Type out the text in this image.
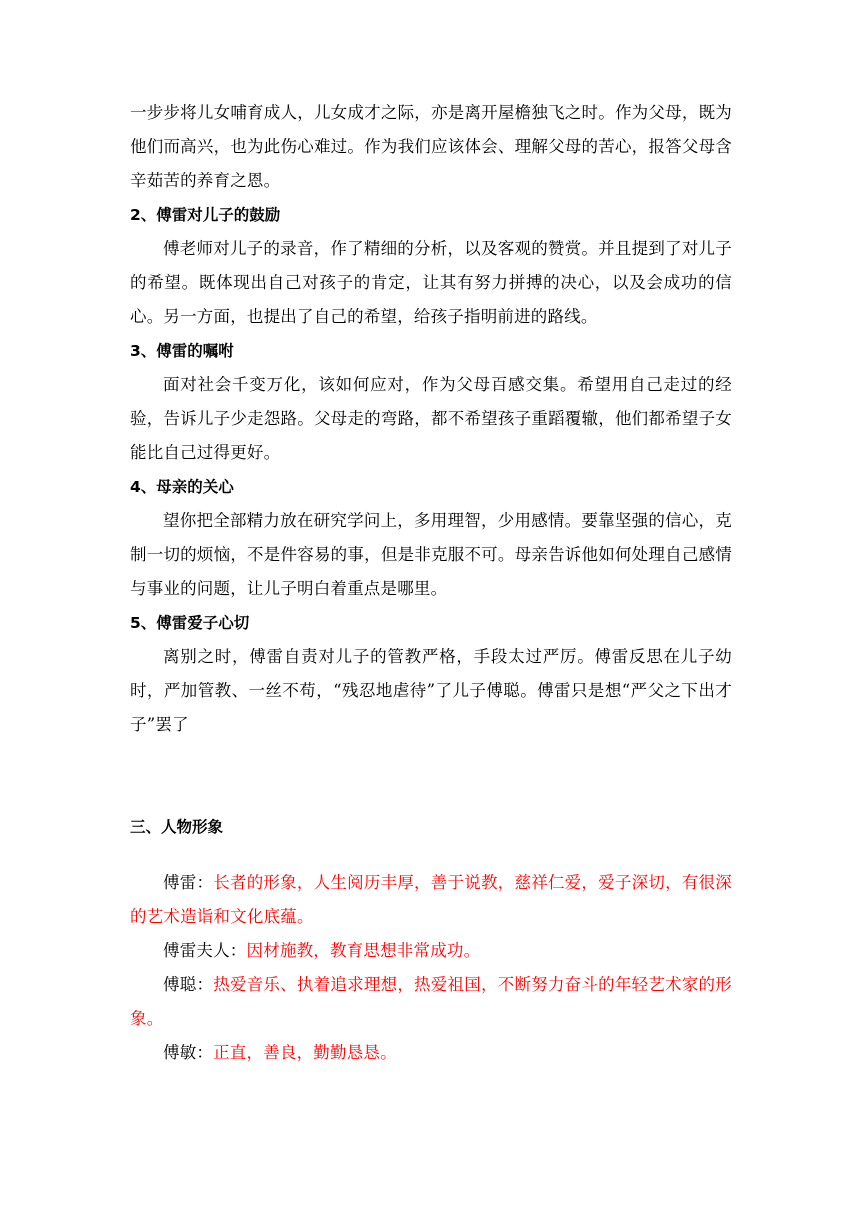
一步步将儿女哺育成人，儿女成才之际，亦是离开屋檐独飞之时。作为父母，既为他们而高兴，也为此伤心难过。作为我们应该体会、理解父母的苦心，报答父母含辛茹苦的养育之恩。

2、傅雷对儿子的鼓励

傅老师对儿子的录音，作了精细的分析，以及客观的赞赏。并且提到了对儿子的希望。既体现出自己对孩子的肯定，让其有努力拼搏的决心，以及会成功的信心。另一方面，也提出了自己的希望，给孩子指明前进的路线。

3、傅雷的嘱咐

面对社会千变万化，该如何应对，作为父母百感交集。希望用自己走过的经验，告诉儿子少走怨路。父母走的弯路，都不希望孩子重蹈覆辙，他们都希望子女能比自己过得更好。

4、母亲的关心

望你把全部精力放在研究学问上，多用理智，少用感情。要靠坚强的信心，克制一切的烦恼，不是件容易的事，但是非克服不可。母亲告诉他如何处理自己感情与事业的问题，让儿子明白着重点是哪里。

5、傅雷爱子心切

离别之时，傅雷自责对儿子的管教严格，手段太过严厉。傅雷反思在儿子幼时，严加管教、一丝不苟，“残忍地虐待”了儿子傅聪。傅雷只是想“严父之下出才子”罢了

三、人物形象

傅雷：长者的形象，人生阅历丰厚，善于说教，慈祥仁爱，爱子深切，有很深的艺术造诣和文化底蕴。

傅雷夫人：因材施教，教育思想非常成功。

傅聪：热爱音乐、执着追求理想，热爱祖国，不断努力奋斗的年轻艺术家的形象。

傅敏：正直，善良，勤勤恳恳。
